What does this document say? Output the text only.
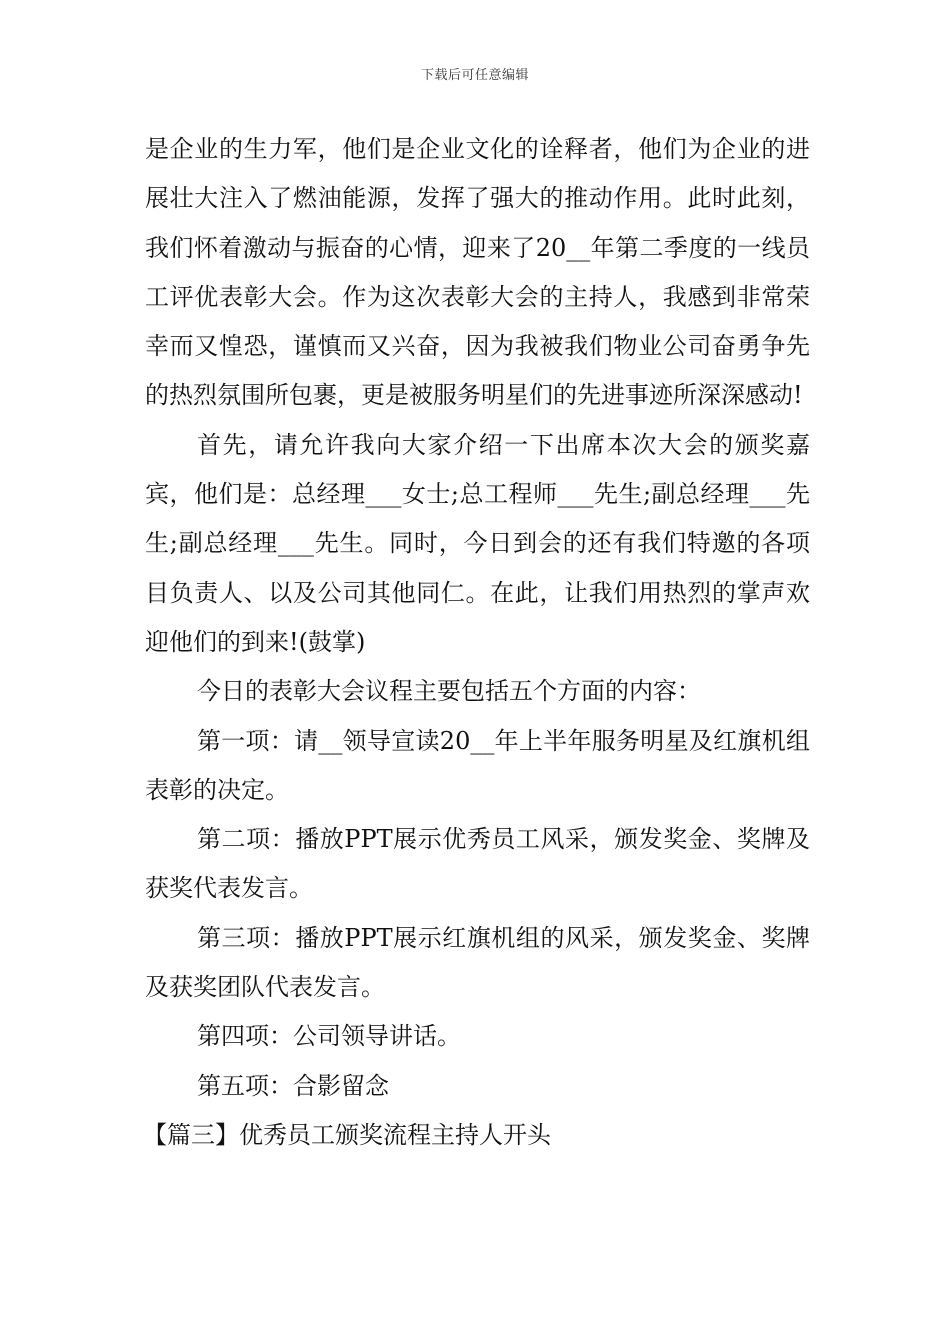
下载后可任意编辑

是企业的生力军，他们是企业文化的诠释者，他们为企业的进展壮大注入了燃油能源，发挥了强大的推动作用。此时此刻，我们怀着激动与振奋的心情，迎来了20__年第二季度的一线员工评优表彰大会。作为这次表彰大会的主持人，我感到非常荣幸而又惶恐，谨慎而又兴奋，因为我被我们物业公司奋勇争先的热烈氛围所包裹，更是被服务明星们的先进事迹所深深感动!

首先，请允许我向大家介绍一下出席本次大会的颁奖嘉宾，他们是：总经理___女士;总工程师___先生;副总经理___先生;副总经理___先生。同时，今日到会的还有我们特邀的各项目负责人、以及公司其他同仁。在此，让我们用热烈的掌声欢迎他们的到来!(鼓掌)

今日的表彰大会议程主要包括五个方面的内容：

第一项：请__领导宣读20__年上半年服务明星及红旗机组表彰的决定。

第二项：播放PPT展示优秀员工风采，颁发奖金、奖牌及获奖代表发言。

第三项：播放PPT展示红旗机组的风采，颁发奖金、奖牌及获奖团队代表发言。

第四项：公司领导讲话。

第五项：合影留念

【篇三】优秀员工颁奖流程主持人开头
